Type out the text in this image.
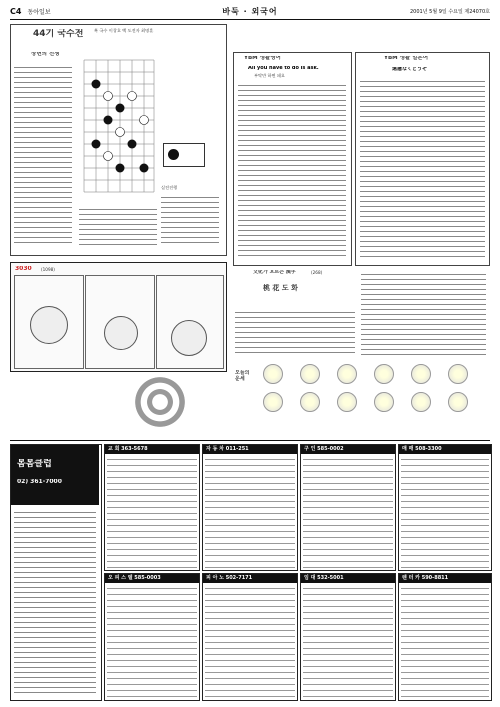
C4 동아일보	바둑 · 외국어	2001년 5월 9일 수요일 제24070호
44기 국수전
상변의 전쟁
흑 국수 이창호 백 도전자 최명훈
실전진행
YBM 생활영어
All you have to do is ask.
부탁만 하면 돼요
YBM 생활 일본어
遠慮なくどうぞ
3030 (1098)	文化가 흐르는 漢字	(268)
桃 花 도 화
오늘의 운세
봄봄클럽
02) 361-7000
교 회 363-5678
오 피 스 텔 585-0003
자 동 차 011-251
피 아 노 502-7171
구 인 585-0002
임 대 532-5001
매 매 508-3300
렌 터 카 590-8811
